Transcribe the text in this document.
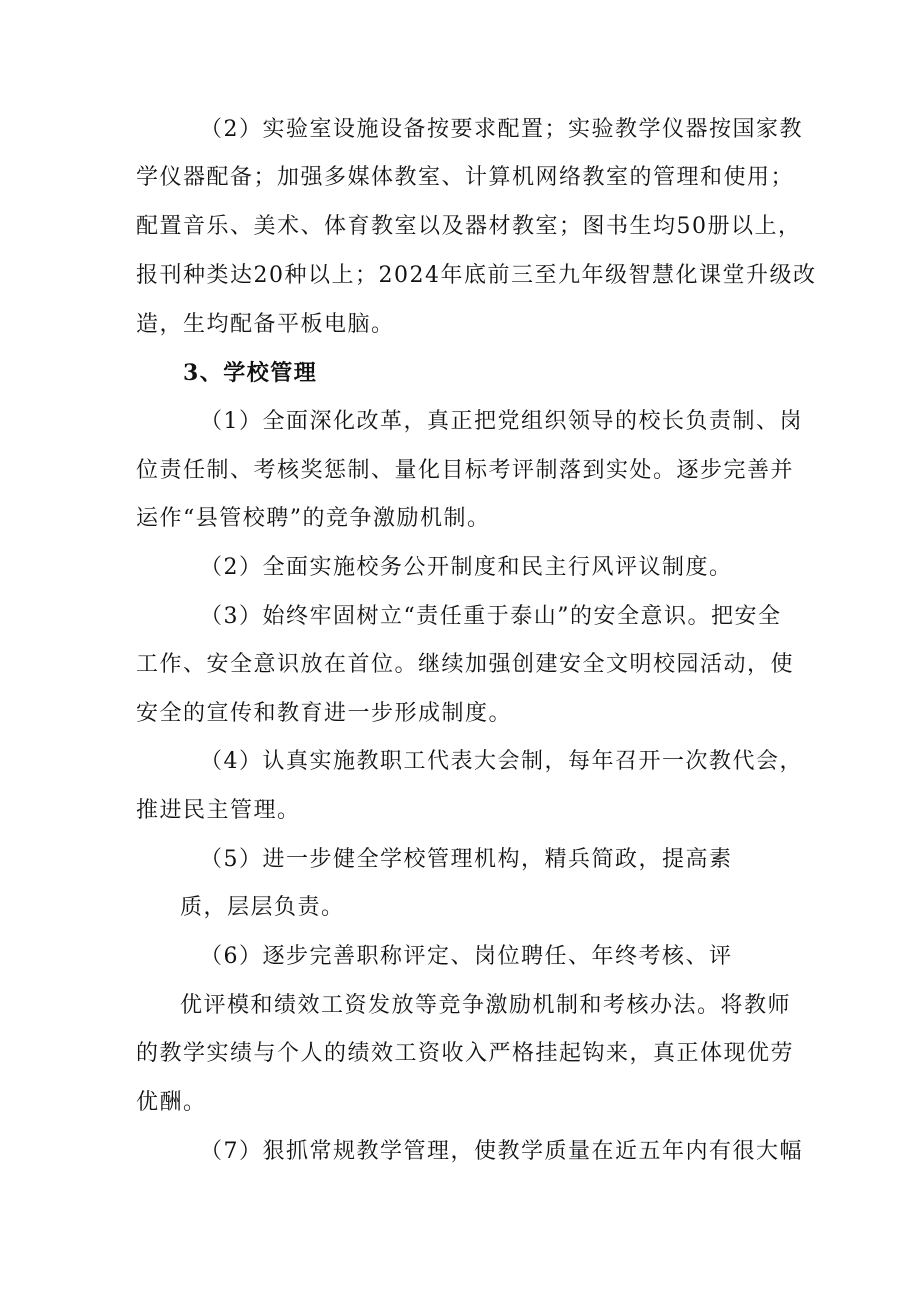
（2）实验室设施设备按要求配置；实验教学仪器按国家教
学仪器配备；加强多媒体教室、计算机网络教室的管理和使用；
配置音乐、美术、体育教室以及器材教室；图书生均50册以上，
报刊种类达20种以上；2024年底前三至九年级智慧化课堂升级改
造，生均配备平板电脑。
3、学校管理
（1）全面深化改革，真正把党组织领导的校长负责制、岗
位责任制、考核奖惩制、量化目标考评制落到实处。逐步完善并
运作“县管校聘”的竞争激励机制。
（2）全面实施校务公开制度和民主行风评议制度。
（3）始终牢固树立“责任重于泰山”的安全意识。把安全
工作、安全意识放在首位。继续加强创建安全文明校园活动，使
安全的宣传和教育进一步形成制度。
（4）认真实施教职工代表大会制，每年召开一次教代会，
推进民主管理。
（5）进一步健全学校管理机构，精兵简政，提高素
质，层层负责。
（6）逐步完善职称评定、岗位聘任、年终考核、评
优评模和绩效工资发放等竞争激励机制和考核办法。将教师
的教学实绩与个人的绩效工资收入严格挂起钩来，真正体现优劳
优酬。
（7）狠抓常规教学管理，使教学质量在近五年内有很大幅
